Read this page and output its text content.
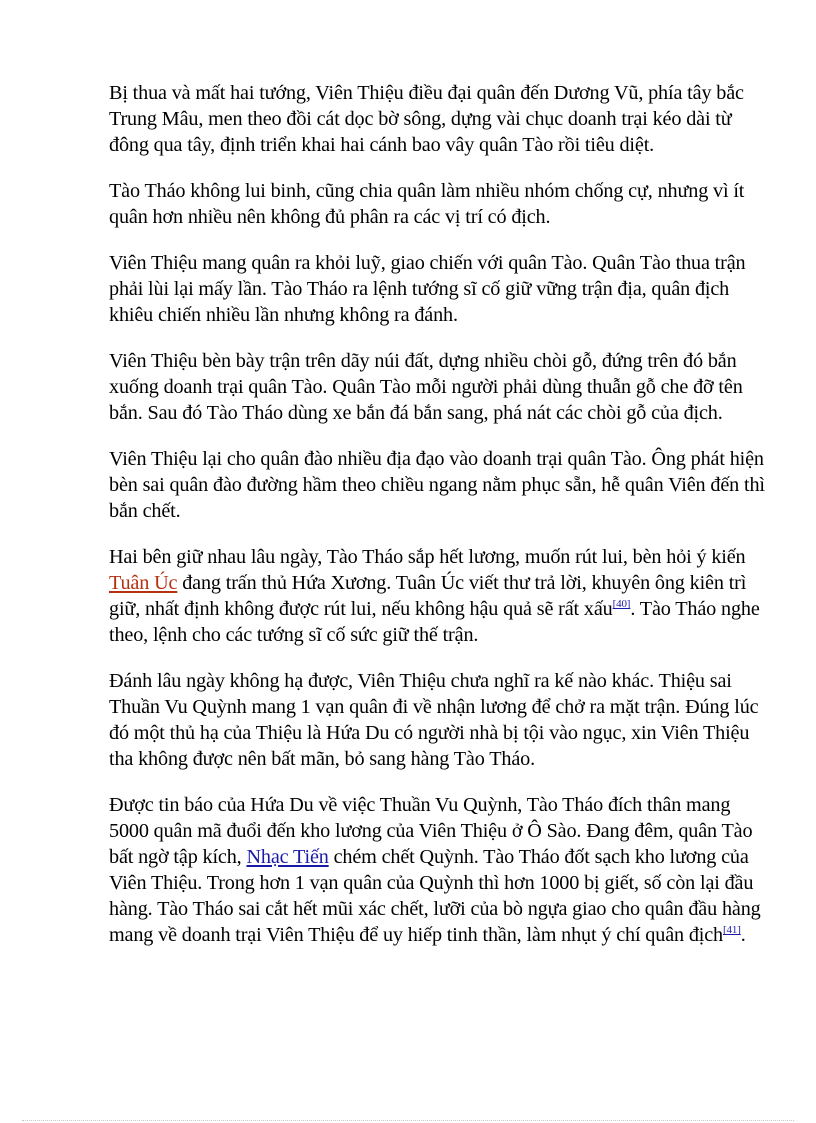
Bị thua và mất hai tướng, Viên Thiệu điều đại quân đến Dương Vũ, phía tây bắc Trung Mâu, men theo đồi cát dọc bờ sông, dựng vài chục doanh trại kéo dài từ đông qua tây, định triển khai hai cánh bao vây quân Tào rồi tiêu diệt.

Tào Tháo không lui binh, cũng chia quân làm nhiều nhóm chống cự, nhưng vì ít quân hơn nhiều nên không đủ phân ra các vị trí có địch.

Viên Thiệu mang quân ra khỏi luỹ, giao chiến với quân Tào. Quân Tào thua trận phải lùi lại mấy lần. Tào Tháo ra lệnh tướng sĩ cố giữ vững trận địa, quân địch khiêu chiến nhiều lần nhưng không ra đánh.

Viên Thiệu bèn bày trận trên dãy núi đất, dựng nhiều chòi gỗ, đứng trên đó bắn xuống doanh trại quân Tào. Quân Tào mỗi người phải dùng thuẫn gỗ che đỡ tên bắn. Sau đó Tào Tháo dùng xe bắn đá bắn sang, phá nát các chòi gỗ của địch.

Viên Thiệu lại cho quân đào nhiều địa đạo vào doanh trại quân Tào. Ông phát hiện bèn sai quân đào đường hầm theo chiều ngang nằm phục sẵn, hễ quân Viên đến thì bắn chết.

Hai bên giữ nhau lâu ngày, Tào Tháo sắp hết lương, muốn rút lui, bèn hỏi ý kiến Tuân Úc đang trấn thủ Hứa Xương. Tuân Úc viết thư trả lời, khuyên ông kiên trì giữ, nhất định không được rút lui, nếu không hậu quả sẽ rất xấu[40]. Tào Tháo nghe theo, lệnh cho các tướng sĩ cố sức giữ thế trận.

Đánh lâu ngày không hạ được, Viên Thiệu chưa nghĩ ra kế nào khác. Thiệu sai Thuần Vu Quỳnh mang 1 vạn quân đi về nhận lương để chở ra mặt trận. Đúng lúc đó một thủ hạ của Thiệu là Hứa Du có người nhà bị tội vào ngục, xin Viên Thiệu tha không được nên bất mãn, bỏ sang hàng Tào Tháo.

Được tin báo của Hứa Du về việc Thuần Vu Quỳnh, Tào Tháo đích thân mang 5000 quân mã đuổi đến kho lương của Viên Thiệu ở Ô Sào. Đang đêm, quân Tào bất ngờ tập kích, Nhạc Tiến chém chết Quỳnh. Tào Tháo đốt sạch kho lương của Viên Thiệu. Trong hơn 1 vạn quân của Quỳnh thì hơn 1000 bị giết, số còn lại đầu hàng. Tào Tháo sai cắt hết mũi xác chết, lưỡi của bò ngựa giao cho quân đầu hàng mang về doanh trại Viên Thiệu để uy hiếp tinh thần, làm nhụt ý chí quân địch[41].
